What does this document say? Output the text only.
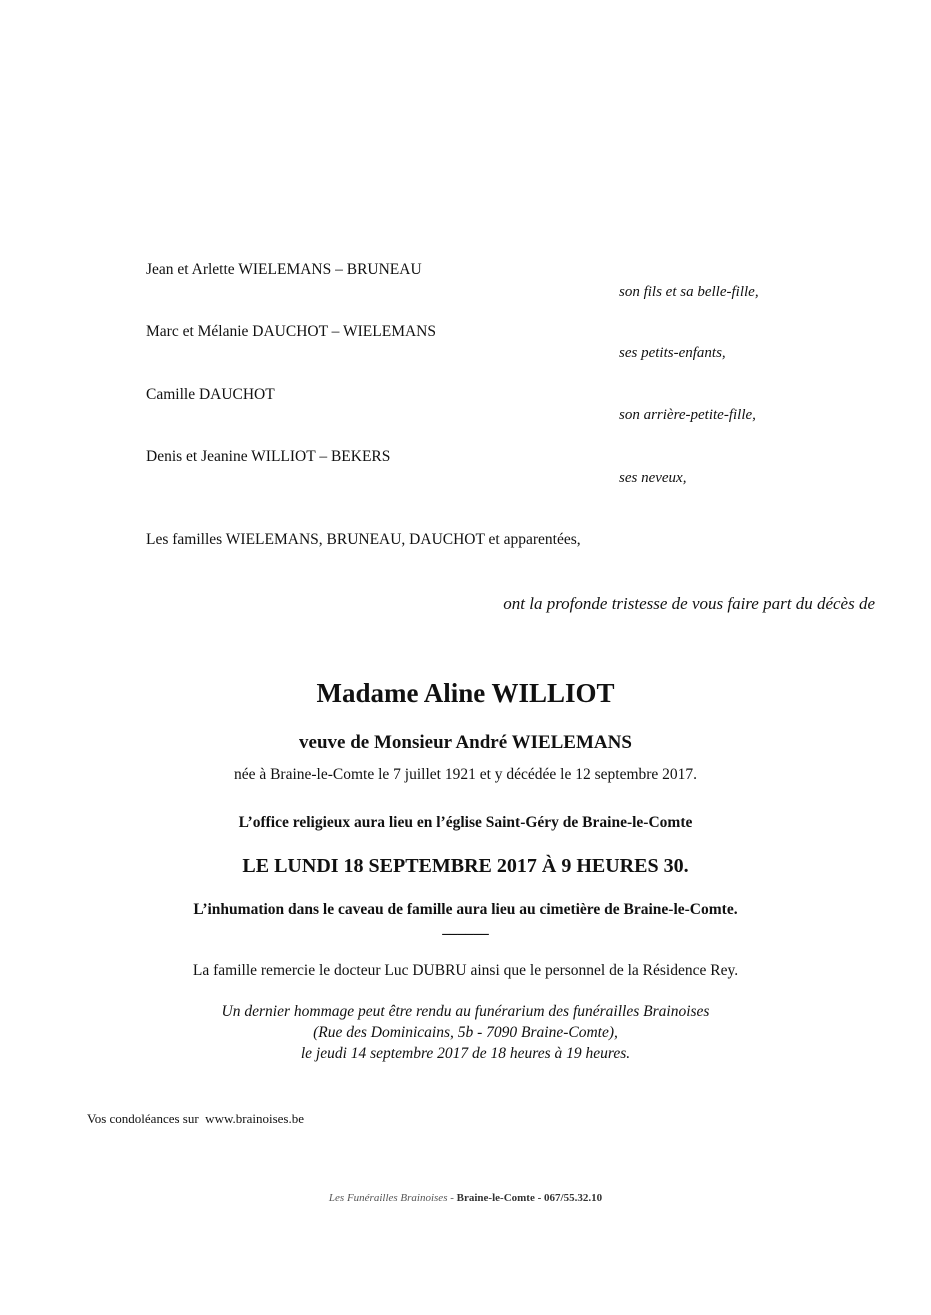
Jean et Arlette WIELEMANS – BRUNEAU
son fils et sa belle-fille,
Marc et Mélanie DAUCHOT – WIELEMANS
ses petits-enfants,
Camille DAUCHOT
son arrière-petite-fille,
Denis et Jeanine WILLIOT – BEKERS
ses neveux,
Les familles WIELEMANS, BRUNEAU, DAUCHOT et apparentées,
ont la profonde tristesse de vous faire part du décès de
Madame Aline WILLIOT
veuve de Monsieur André WIELEMANS
née à Braine-le-Comte le 7 juillet 1921 et y décédée le 12 septembre 2017.
L’office religieux aura lieu en l’église Saint-Géry de Braine-le-Comte
LE LUNDI 18 SEPTEMBRE 2017 À 9 HEURES 30.
L’inhumation dans le caveau de famille aura lieu au cimetière de Braine-le-Comte.
______
La famille remercie le docteur Luc DUBRU ainsi que le personnel de la Résidence Rey.
Un dernier hommage peut être rendu au funérarium des funérailles Brainoises
(Rue des Dominicains, 5b - 7090 Braine-Comte),
le jeudi 14 septembre 2017 de 18 heures à 19 heures.
Vos condoléances sur  www.brainoises.be
Les Funérailles Brainoises - Braine-le-Comte - 067/55.32.10
